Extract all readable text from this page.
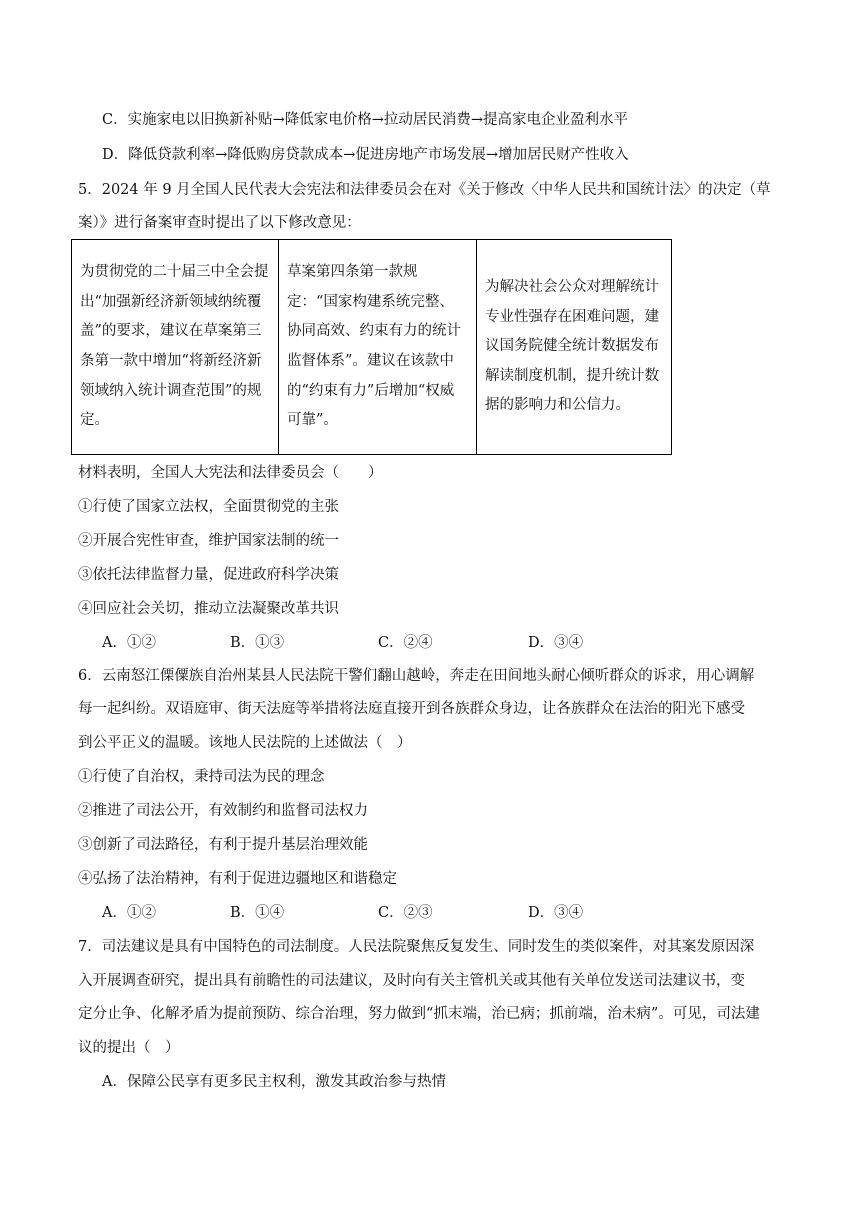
C．实施家电以旧换新补贴→降低家电价格→拉动居民消费→提高家电企业盈利水平
D．降低贷款利率→降低购房贷款成本→促进房地产市场发展→增加居民财产性收入
5．2024 年 9 月全国人民代表大会宪法和法律委员会在对《关于修改〈中华人民共和国统计法〉的决定（草
案）》进行备案审查时提出了以下修改意见：
为贯彻党的二十届三中全会提出“加强新经济新领域纳统覆盖”的要求，建议在草案第三条第一款中增加“将新经济新领域纳入统计调查范围”的规定。	草案第四条第一款规定：“国家构建系统完整、协同高效、约束有力的统计监督体系”。建议在该款中的“约束有力”后增加“权威可靠”。	为解决社会公众对理解统计专业性强存在困难问题，建议国务院健全统计数据发布解读制度机制，提升统计数据的影响力和公信力。
材料表明，全国人大宪法和法律委员会（　　）
①行使了国家立法权，全面贯彻党的主张
②开展合宪性审查，维护国家法制的统一
③依托法律监督力量，促进政府科学决策
④回应社会关切，推动立法凝聚改革共识
A．①②	B．①③	C．②④	D．③④
6．云南怒江傈僳族自治州某县人民法院干警们翻山越岭，奔走在田间地头耐心倾听群众的诉求，用心调解
每一起纠纷。双语庭审、街天法庭等举措将法庭直接开到各族群众身边，让各族群众在法治的阳光下感受
到公平正义的温暖。该地人民法院的上述做法（　）
①行使了自治权，秉持司法为民的理念
②推进了司法公开，有效制约和监督司法权力
③创新了司法路径，有利于提升基层治理效能
④弘扬了法治精神，有利于促进边疆地区和谐稳定
A．①②	B．①④	C．②③	D．③④
7．司法建议是具有中国特色的司法制度。人民法院聚焦反复发生、同时发生的类似案件，对其案发原因深
入开展调查研究，提出具有前瞻性的司法建议，及时向有关主管机关或其他有关单位发送司法建议书，变
定分止争、化解矛盾为提前预防、综合治理，努力做到“抓末端，治已病；抓前端，治未病”。可见，司法建
议的提出（　）
A．保障公民享有更多民主权利，激发其政治参与热情
